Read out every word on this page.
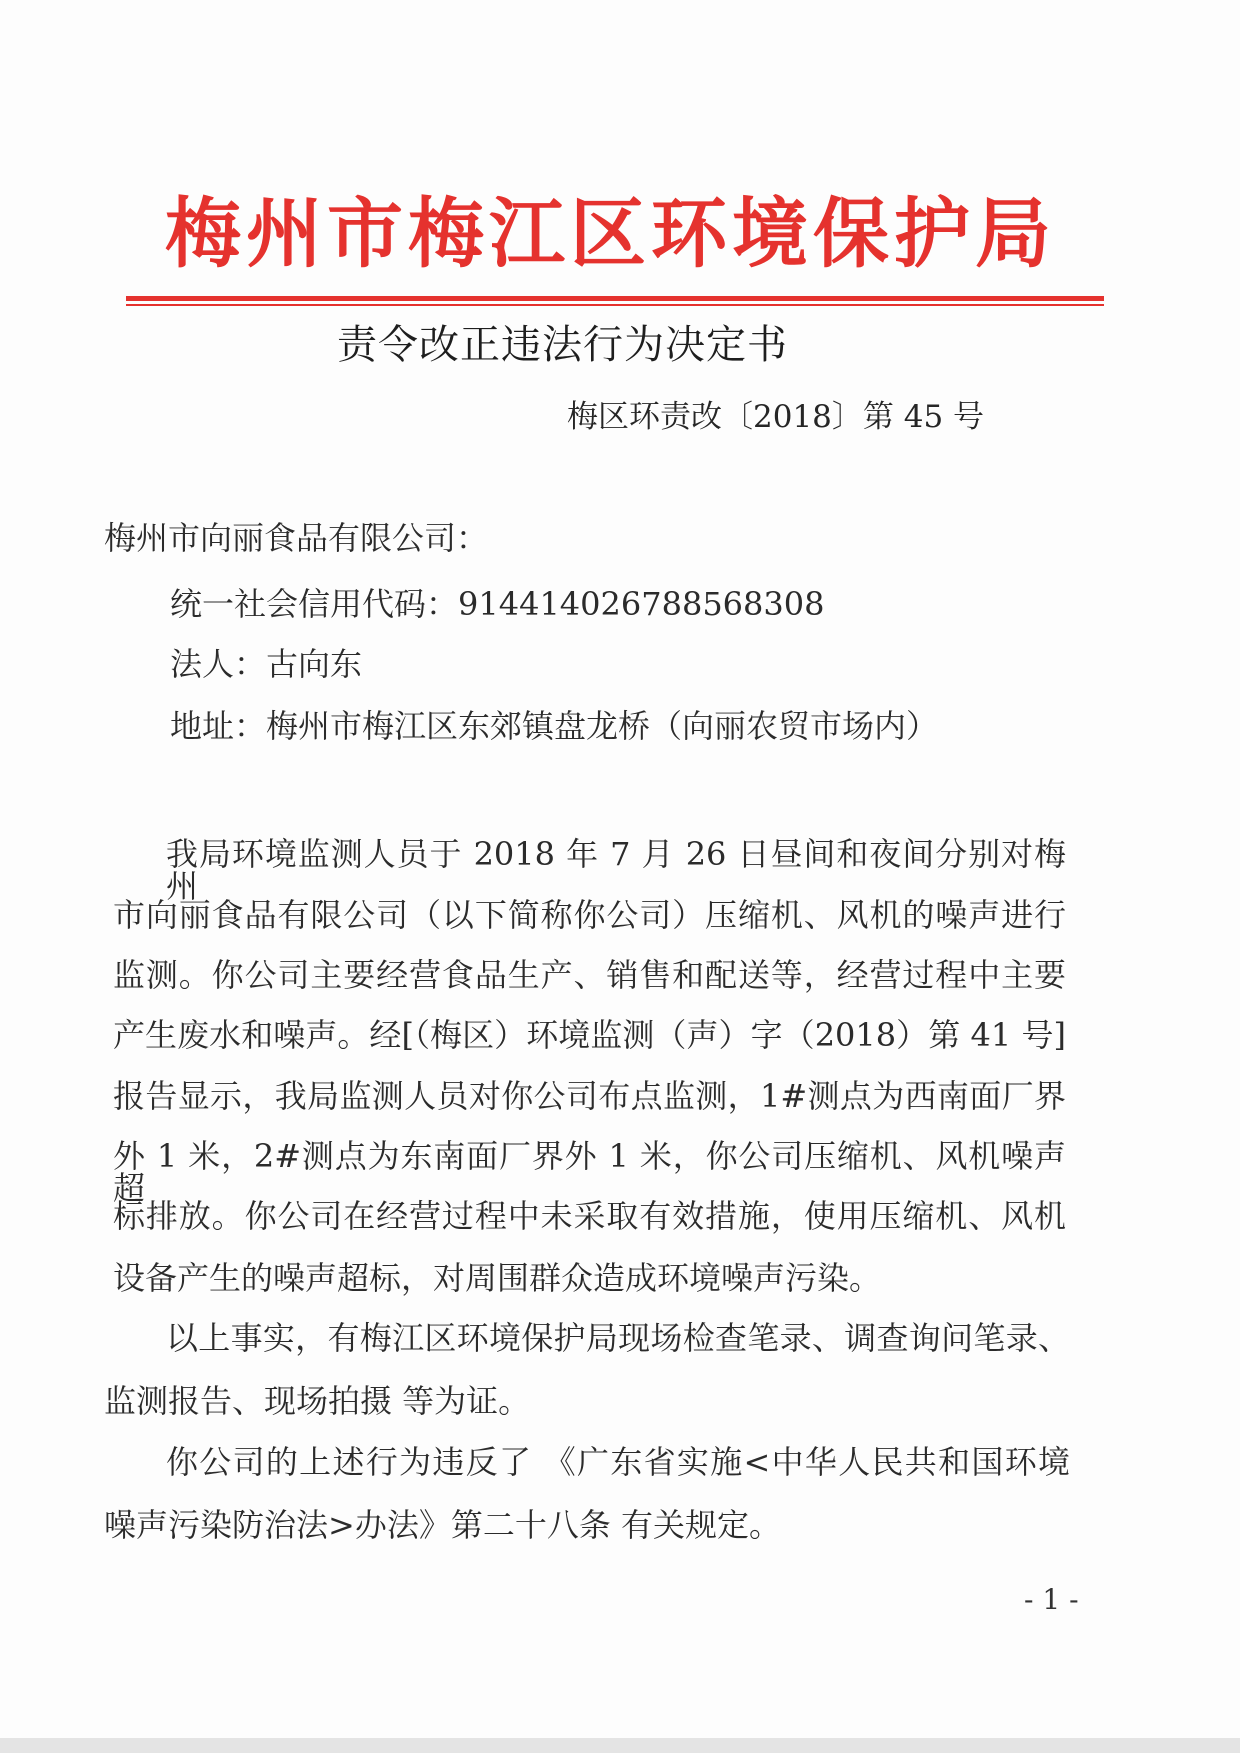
梅州市梅江区环境保护局
责令改正违法行为决定书
梅区环责改〔2018〕第 45 号
梅州市向丽食品有限公司：
统一社会信用代码：914414026788568308
法人：古向东
地址：梅州市梅江区东郊镇盘龙桥（向丽农贸市场内）
我局环境监测人员于 2018 年 7 月 26 日昼间和夜间分别对梅州
市向丽食品有限公司（以下简称你公司）压缩机、风机的噪声进行
监测。你公司主要经营食品生产、销售和配送等，经营过程中主要
产生废水和噪声。经[（梅区）环境监测（声）字（2018）第 41 号]
报告显示，我局监测人员对你公司布点监测，1#测点为西南面厂界
外 1 米，2#测点为东南面厂界外 1 米，你公司压缩机、风机噪声超
标排放。你公司在经营过程中未采取有效措施，使用压缩机、风机
设备产生的噪声超标，对周围群众造成环境噪声污染。
以上事实，有梅江区环境保护局现场检查笔录、调查询问笔录、
监测报告、现场拍摄 等为证。
你公司的上述行为违反了 《广东省实施<中华人民共和国环境
噪声污染防治法>办法》第二十八条 有关规定。
- 1 -
